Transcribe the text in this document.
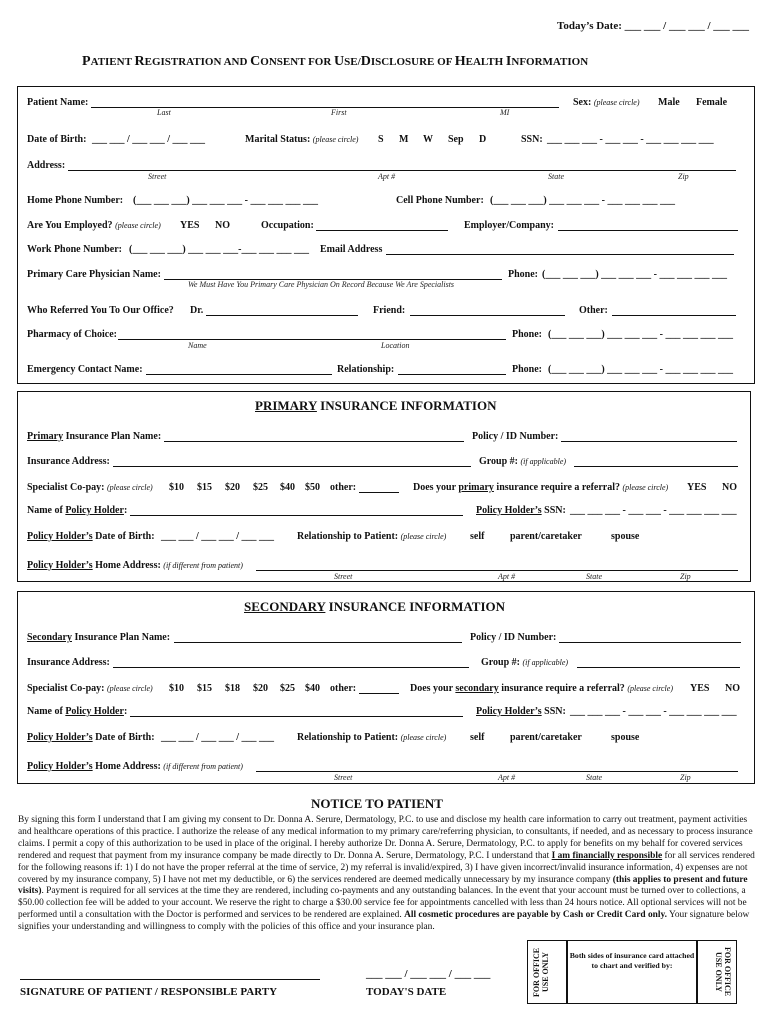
Today’s Date: ___ ___ / ___ ___ / ___ ___
PATIENT REGISTRATION AND CONSENT FOR USE/DISCLOSURE OF HEALTH INFORMATION
Patient Name:
Last	First	MI
Sex: (please circle) Male Female
Date of Birth: ___ ___ / ___ ___ / ___ ___	Marital Status: (please circle) S M W Sep D	SSN: ___ ___ ___ - ___ ___ - ___ ___ ___ ___
Address:
Street	Apt #	State	Zip
Home Phone Number: (___ ___ ___) ___ ___ ___ - ___ ___ ___ ___	Cell Phone Number: (___ ___ ___) ___ ___ ___ - ___ ___ ___ ___
Are You Employed? (please circle) YES NO	Occupation:	Employer/Company:
Work Phone Number: (___ ___ ___) ___ ___ ___-___ ___ ___ ___ Email Address
Primary Care Physician Name:
We Must Have You Primary Care Physician On Record Because We Are Specialists
Phone: (___ ___ ___) ___ ___ ___ - ___ ___ ___ ___
Who Referred You To Our Office? Dr.	Friend:	Other:
Pharmacy of Choice:
Name	Location
Phone: (___ ___ ___) ___ ___ ___ - ___ ___ ___ ___
Emergency Contact Name:	Relationship:	Phone: (___ ___ ___) ___ ___ ___ - ___ ___ ___ ___
PRIMARY INSURANCE INFORMATION
Primary Insurance Plan Name:	Policy / ID Number:
Insurance Address:	Group #: (if applicable)
Specialist Co-pay: (please circle) $10 $15 $20 $25 $40 $50 other:	Does your primary insurance require a referral? (please circle) YES NO
Name of Policy Holder:	Policy Holder’s SSN: ___ ___ ___ - ___ ___ - ___ ___ ___ ___
Policy Holder’s Date of Birth: ___ ___ / ___ ___ / ___ ___ Relationship to Patient: (please circle) self	parent/caretaker	spouse
Policy Holder’s Home Address: (if different from patient)
Street	Apt #	State	Zip
SECONDARY INSURANCE INFORMATION
Secondary Insurance Plan Name:	Policy / ID Number:
Insurance Address:	Group #: (if applicable)
Specialist Co-pay: (please circle) $10 $15 $18 $20 $25 $40 other:	Does your secondary insurance require a referral? (please circle) YES NO
Name of Policy Holder:	Policy Holder’s SSN: ___ ___ ___ - ___ ___ - ___ ___ ___ ___
Policy Holder’s Date of Birth: ___ ___ / ___ ___ / ___ ___ Relationship to Patient: (please circle) self	parent/caretaker	spouse
Policy Holder’s Home Address: (if different from patient)
Street	Apt #	State	Zip
NOTICE TO PATIENT
By signing this form I understand that I am giving my consent to Dr. Donna A. Serure, Dermatology, P.C. to use and disclose my health care information to carry out treatment, payment activities and healthcare operations of this practice. I authorize the release of any medical information to my primary care/referring physician, to consultants, if needed, and as necessary to process insurance claims. I permit a copy of this authorization to be used in place of the original. I hereby authorize Dr. Donna A. Serure, Dermatology, P.C. to apply for benefits on my behalf for covered services rendered and request that payment from my insurance company be made directly to Dr. Donna A. Serure, Dermatology, P.C. I understand that I am financially responsible for all services rendered for the following reasons if: 1) I do not have the proper referral at the time of service, 2) my referral is invalid/expired, 3) I have given incorrect/invalid insurance information, 4) expenses are not covered by my insurance company, 5) I have not met my deductible, or 6) the services rendered are deemed medically unnecessary by my insurance company (this applies to present and future visits). Payment is required for all services at the time they are rendered, including co-payments and any outstanding balances. In the event that your account must be turned over to collections, a $50.00 collection fee will be added to your account. We reserve the right to charge a $30.00 service fee for appointments cancelled with less than 24 hours notice. All optional services will not be performed until a consultation with the Doctor is performed and services to be rendered are explained. All cosmetic procedures are payable by Cash or Credit Card only. Your signature below signifies your understanding and willingness to comply with the policies of this office and your insurance plan.
SIGNATURE OF PATIENT / RESPONSIBLE PARTY
___ ___ / ___ ___ / ___ ___
TODAY'S DATE	FOR OFFICE USE ONLY	Both sides of insurance card attached to chart and verified by:	FOR OFFICE USE ONLY
